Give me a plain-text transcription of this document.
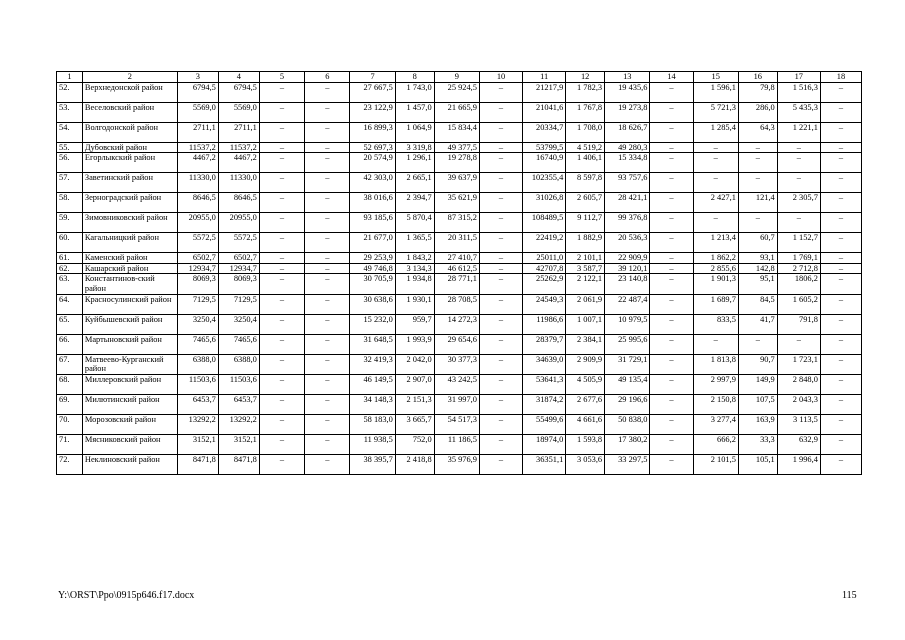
1	2	3	4	5	6	7	8	9	10	11	12	13	14	15	16	17	18
52.	Верхнедонской район	6794,5	6794,5	–	–	27 667,5	1 743,0	25 924,5	–	21217,9	1 782,3	19 435,6	–	1 596,1	79,8	1 516,3	–
53.	Веселовский район	5569,0	5569,0	–	–	23 122,9	1 457,0	21 665,9	–	21041,6	1 767,8	19 273,8	–	5 721,3	286,0	5 435,3	–
54.	Волгодонской район	2711,1	2711,1	–	–	16 899,3	1 064,9	15 834,4	–	20334,7	1 708,0	18 626,7	–	1 285,4	64,3	1 221,1	–
55.	Дубовский район	11537,2	11537,2	–	–	52 697,3	3 319,8	49 377,5	–	53799,5	4 519,2	49 280,3	–	–	–	–	–
56.	Егорлыкский район	4467,2	4467,2	–	–	20 574,9	1 296,1	19 278,8	–	16740,9	1 406,1	15 334,8	–	–	–	–	–
57.	Заветинский район	11330,0	11330,0	–	–	42 303,0	2 665,1	39 637,9	–	102355,4	8 597,8	93 757,6	–	–	–	–	–
58.	Зерноградский район	8646,5	8646,5	–	–	38 016,6	2 394,7	35 621,9	–	31026,8	2 605,7	28 421,1	–	2 427,1	121,4	2 305,7	–
59.	Зимовниковский район	20955,0	20955,0	–	–	93 185,6	5 870,4	87 315,2	–	108489,5	9 112,7	99 376,8	–	–	–	–	–
60.	Кагальницкий район	5572,5	5572,5	–	–	21 677,0	1 365,5	20 311,5	–	22419,2	1 882,9	20 536,3	–	1 213,4	60,7	1 152,7	–
61.	Каменский район	6502,7	6502,7	–	–	29 253,9	1 843,2	27 410,7	–	25011,0	2 101,1	22 909,9	–	1 862,2	93,1	1 769,1	–
62.	Кашарский район	12934,7	12934,7	–	–	49 746,8	3 134,3	46 612,5	–	42707,8	3 587,7	39 120,1	–	2 855,6	142,8	2 712,8	–
63.	Константинов-ский район	8069,3	8069,3	–	–	30 705,9	1 934,8	28 771,1	–	25262,9	2 122,1	23 140,8	–	1 901,3	95,1	1806,2	–
64.	Красносулинский район	7129,5	7129,5	–	–	30 638,6	1 930,1	28 708,5	–	24549,3	2 061,9	22 487,4	–	1 689,7	84,5	1 605,2	–
65.	Куйбышевский район	3250,4	3250,4	–	–	15 232,0	959,7	14 272,3	–	11986,6	1 007,1	10 979,5	–	833,5	41,7	791,8	–
66.	Мартыновский район	7465,6	7465,6	–	–	31 648,5	1 993,9	29 654,6	–	28379,7	2 384,1	25 995,6	–	–	–	–	–
67.	Матвеево-Курганский район	6388,0	6388,0	–	–	32 419,3	2 042,0	30 377,3	–	34639,0	2 909,9	31 729,1	–	1 813,8	90,7	1 723,1	–
68.	Миллеровский район	11503,6	11503,6	–	–	46 149,5	2 907,0	43 242,5	–	53641,3	4 505,9	49 135,4	–	2 997,9	149,9	2 848,0	–
69.	Милютинский район	6453,7	6453,7	–	–	34 148,3	2 151,3	31 997,0	–	31874,2	2 677,6	29 196,6	–	2 150,8	107,5	2 043,3	–
70.	Морозовский район	13292,2	13292,2	–	–	58 183,0	3 665,7	54 517,3	–	55499,6	4 661,6	50 838,0	–	3 277,4	163,9	3 113,5	–
71.	Мясниковский район	3152,1	3152,1	–	–	11 938,5	752,0	11 186,5	–	18974,0	1 593,8	17 380,2	–	666,2	33,3	632,9	–
72.	Неклиновский район	8471,8	8471,8	–	–	38 395,7	2 418,8	35 976,9	–	36351,1	3 053,6	33 297,5	–	2 101,5	105,1	1 996,4	–
Y:\ORST\Ppo\0915p646.f17.docx	115
